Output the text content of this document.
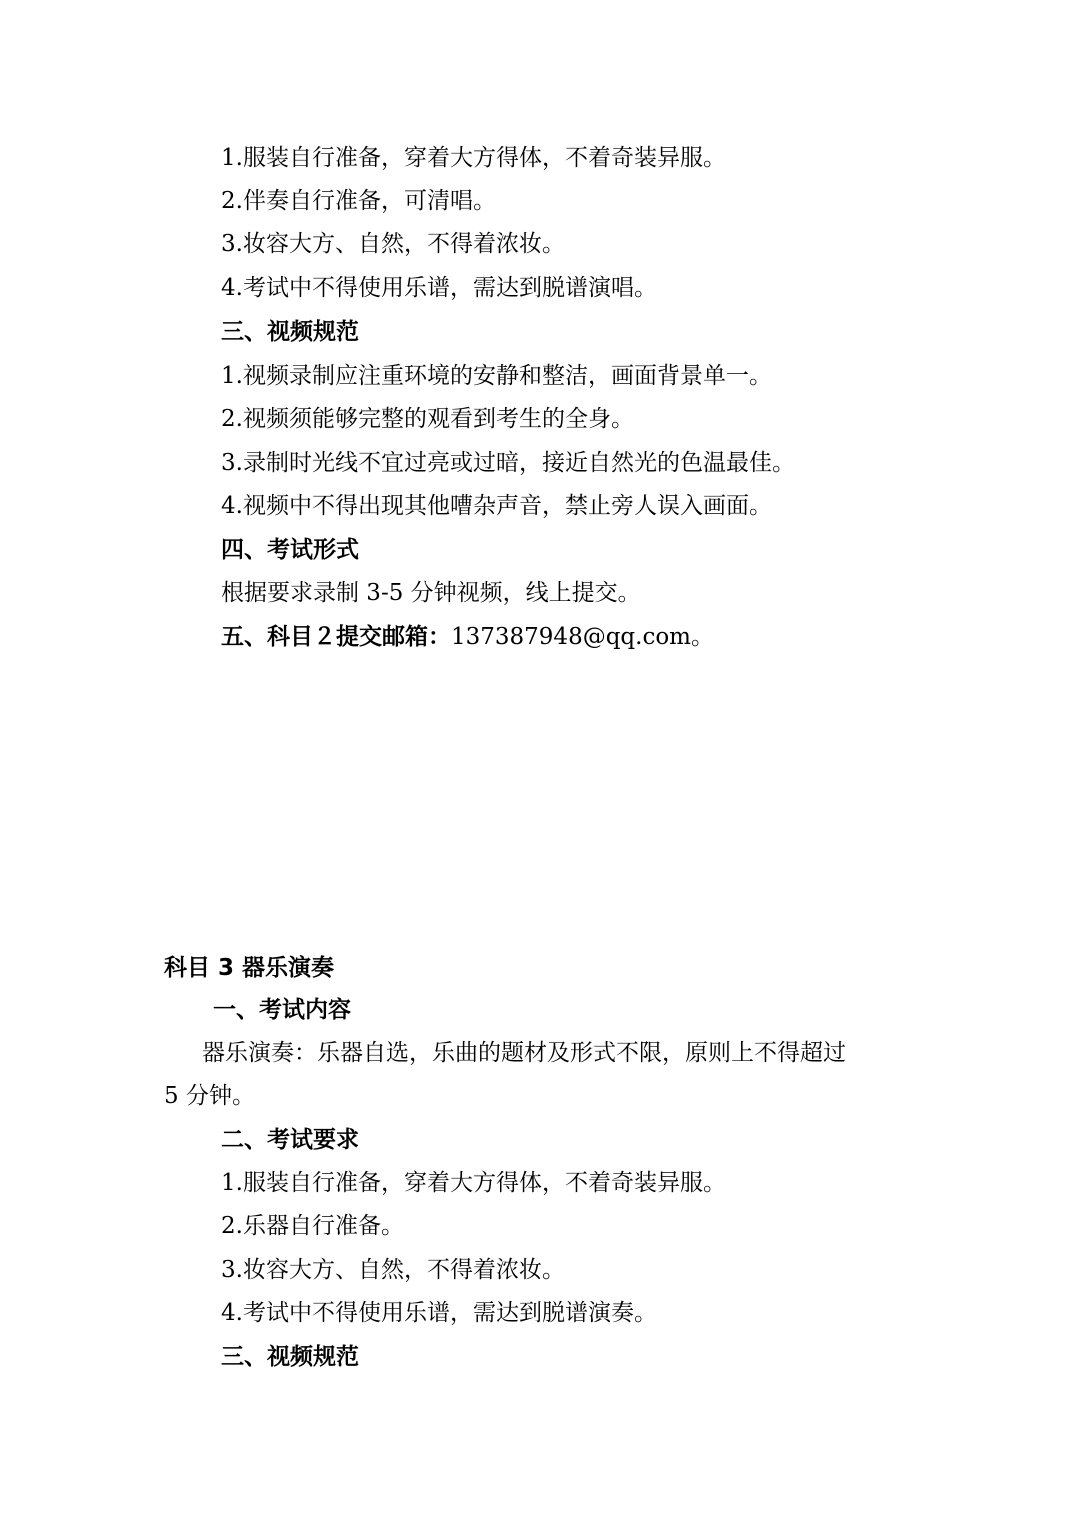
1.服装自行准备，穿着大方得体，不着奇装异服。
2.伴奏自行准备，可清唱。
3.妆容大方、自然，不得着浓妆。
4.考试中不得使用乐谱，需达到脱谱演唱。
三、视频规范
1.视频录制应注重环境的安静和整洁，画面背景单一。
2.视频须能够完整的观看到考生的全身。
3.录制时光线不宜过亮或过暗，接近自然光的色温最佳。
4.视频中不得出现其他嘈杂声音，禁止旁人误入画面。
四、考试形式
根据要求录制 3-5 分钟视频，线上提交。
五、科目２提交邮箱：137387948@qq.com。
科目 3 器乐演奏
一、考试内容
器乐演奏：乐器自选，乐曲的题材及形式不限，原则上不得超过
5 分钟。
二、考试要求
1.服装自行准备，穿着大方得体，不着奇装异服。
2.乐器自行准备。
3.妆容大方、自然，不得着浓妆。
4.考试中不得使用乐谱，需达到脱谱演奏。
三、视频规范
